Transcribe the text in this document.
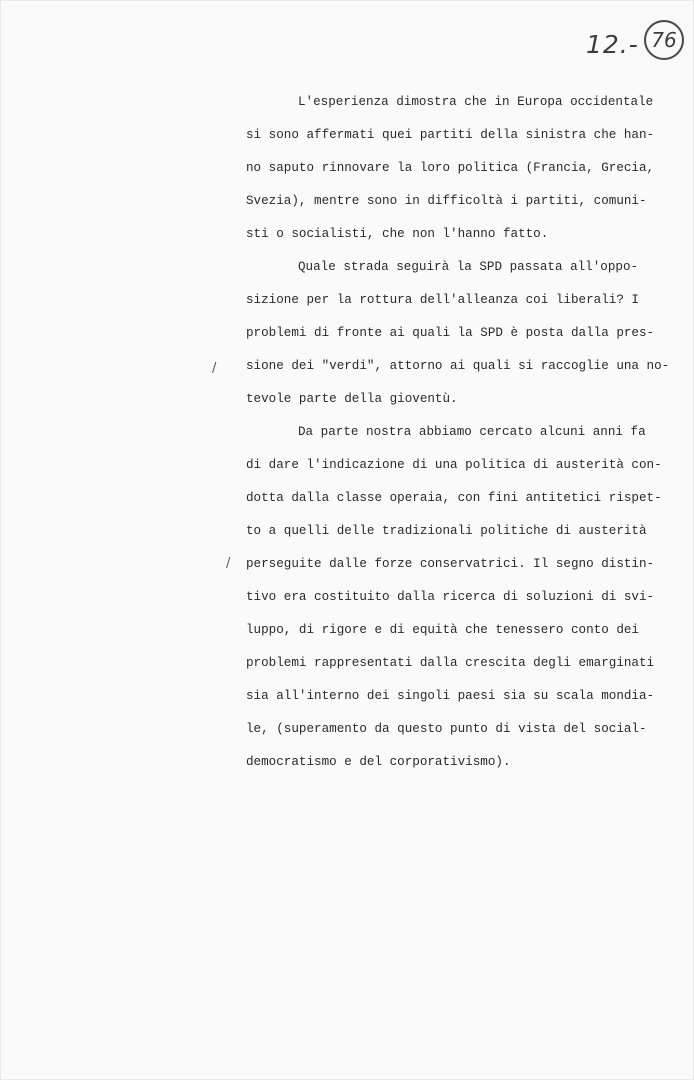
12.- 76
/
/
L'esperienza dimostra che in Europa occidentale
si sono affermati quei partiti della sinistra che han-
no saputo rinnovare la loro politica (Francia, Grecia,
Svezia), mentre sono in difficoltà i partiti, comuni-
sti o socialisti, che non l'hanno fatto.
Quale strada seguirà la SPD passata all'oppo-
sizione per la rottura dell'alleanza coi liberali? I
problemi di fronte ai quali la SPD è posta dalla pres-
sione dei "verdi", attorno ai quali si raccoglie una no-
tevole parte della gioventù.
Da parte nostra abbiamo cercato alcuni anni fa
di dare l'indicazione di una politica di austerità con-
dotta dalla classe operaia, con fini antitetici rispet-
to a quelli delle tradizionali politiche di austerità
perseguite dalle forze conservatrici. Il segno distin-
tivo era costituito dalla ricerca di soluzioni di svi-
luppo, di rigore e di equità che tenessero conto dei
problemi rappresentati dalla crescita degli emarginati
sia all'interno dei singoli paesi sia su scala mondia-
le, (superamento da questo punto di vista del social-
democratismo e del corporativismo).
